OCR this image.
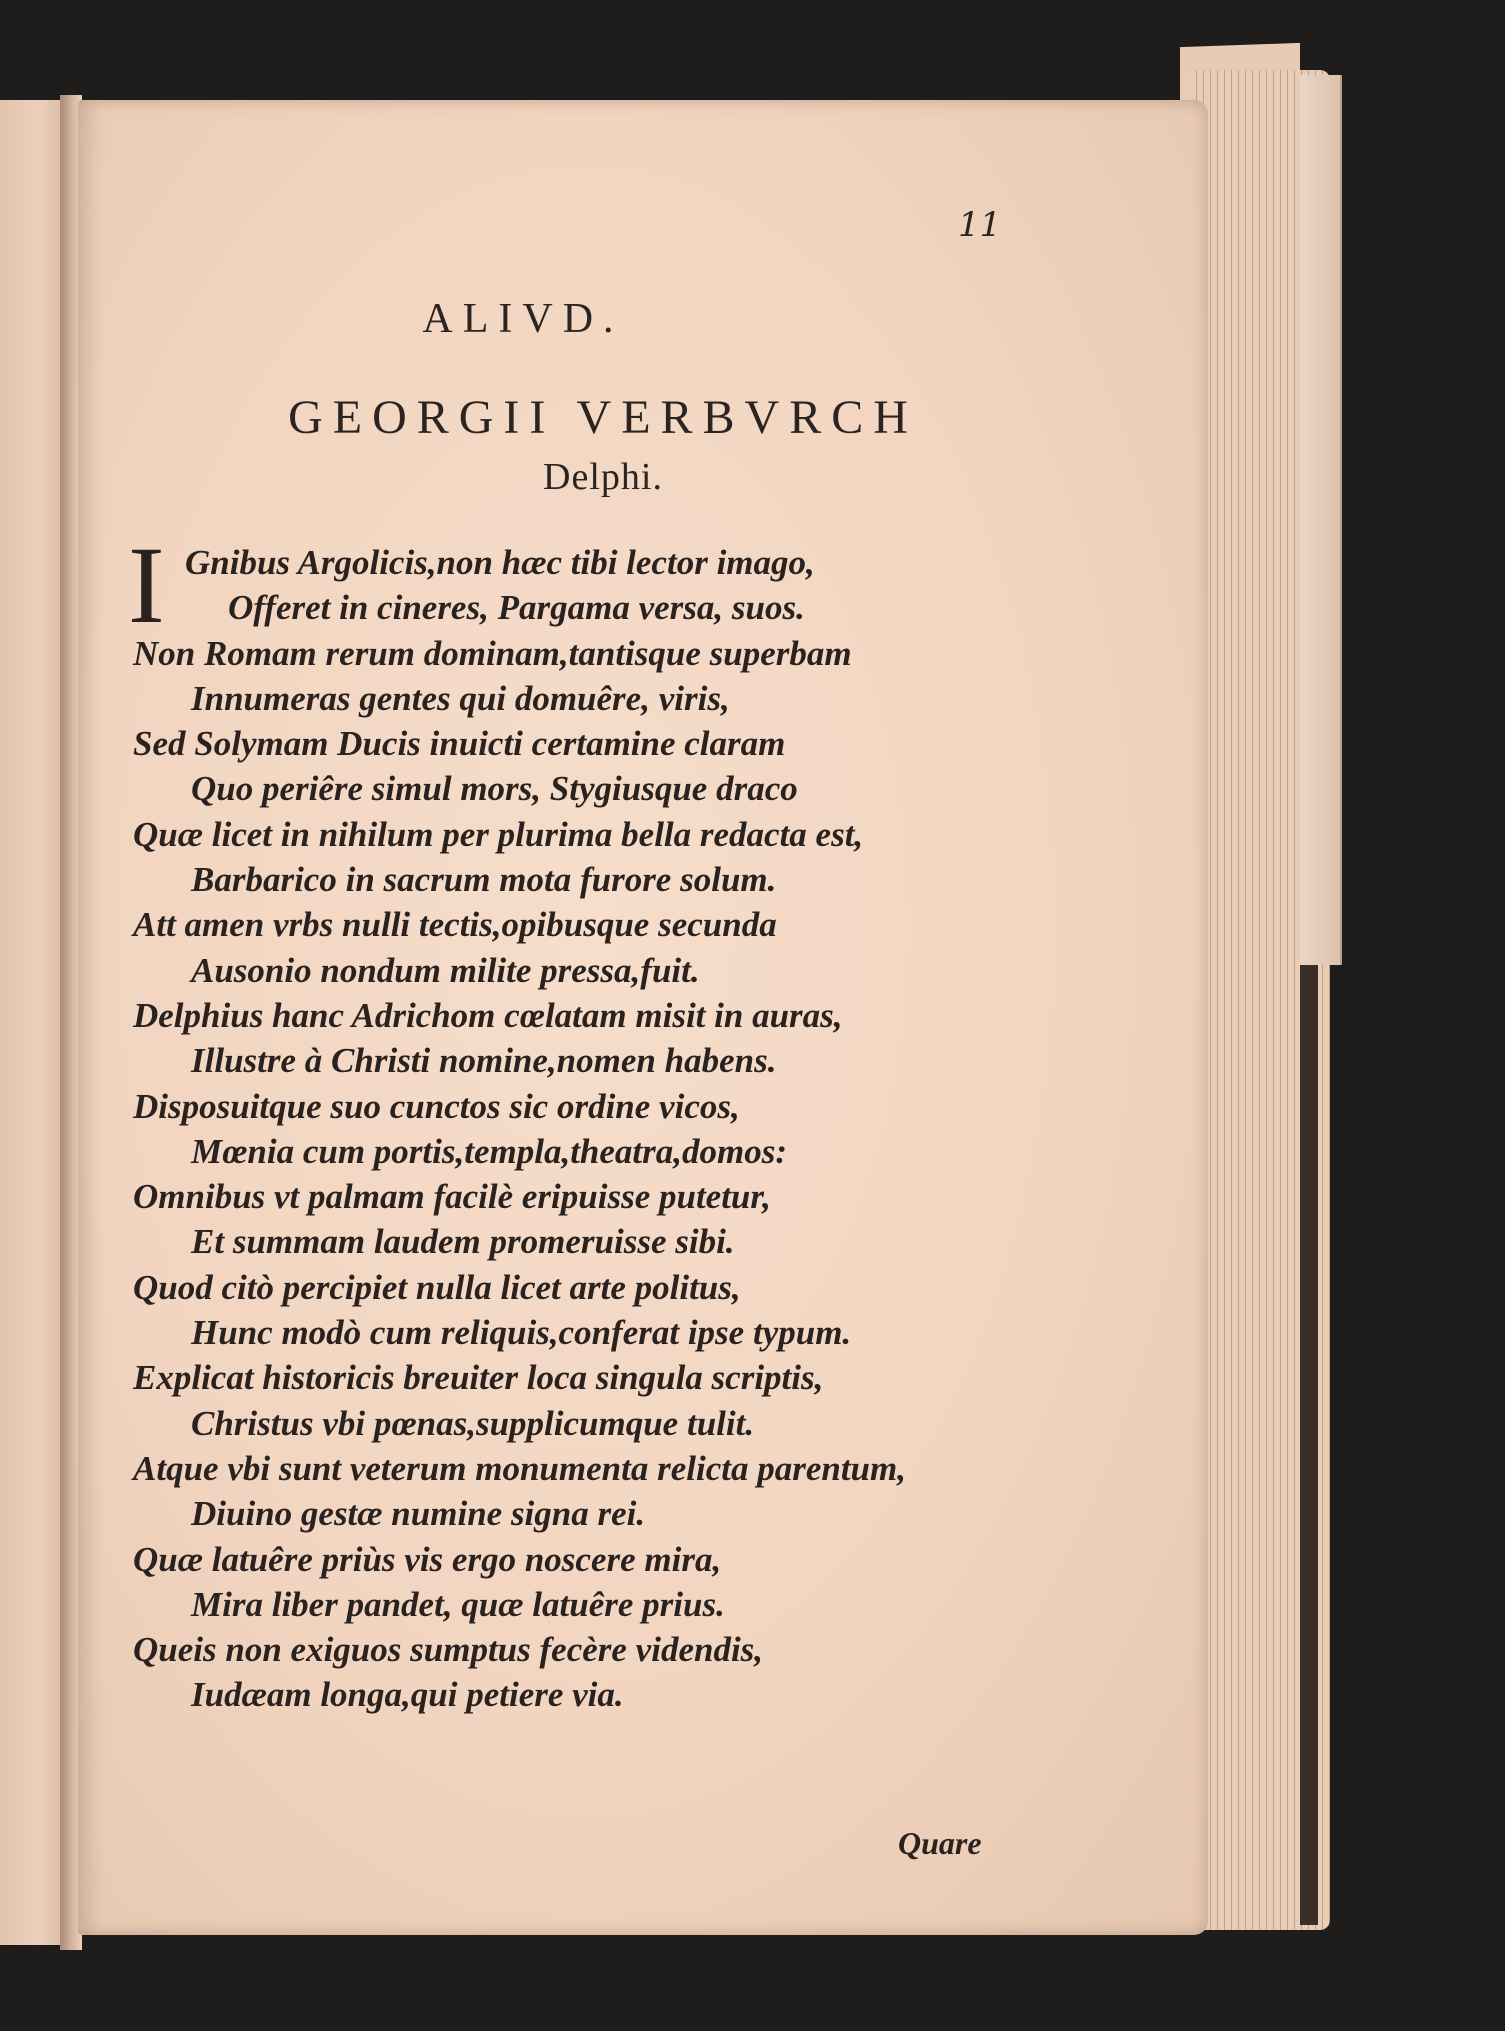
11
ALIVD.
GEORGII VERBVRCH
Delphi.
I Gnibus Argolicis,non hæc tibi lector imago,
Offeret in cineres, Pargama versa, suos.
Non Romam rerum dominam,tantisque superbam
Innumeras gentes qui domuêre, viris,
Sed Solymam Ducis inuicti certamine claram
Quo periêre simul mors, Stygiusque draco
Quæ licet in nihilum per plurima bella redacta est,
Barbarico in sacrum mota furore solum.
Att amen vrbs nulli tectis,opibusque secunda
Ausonio nondum milite pressa,fuit.
Delphius hanc Adrichom cœlatam misit in auras,
Illustre à Christi nomine,nomen habens.
Disposuitque suo cunctos sic ordine vicos,
Mœnia cum portis,templa,theatra,domos:
Omnibus vt palmam facilè eripuisse putetur,
Et summam laudem promeruisse sibi.
Quod citò percipiet nulla licet arte politus,
Hunc modò cum reliquis,conferat ipse typum.
Explicat historicis breuiter loca singula scriptis,
Christus vbi pœnas,supplicumque tulit.
Atque vbi sunt veterum monumenta relicta parentum,
Diuino gestæ numine signa rei.
Quæ latuêre priùs vis ergo noscere mira,
Mira liber pandet, quæ latuêre prius.
Queis non exiguos sumptus fecère videndis,
Iudæam longa,qui petiere via.
Quare
